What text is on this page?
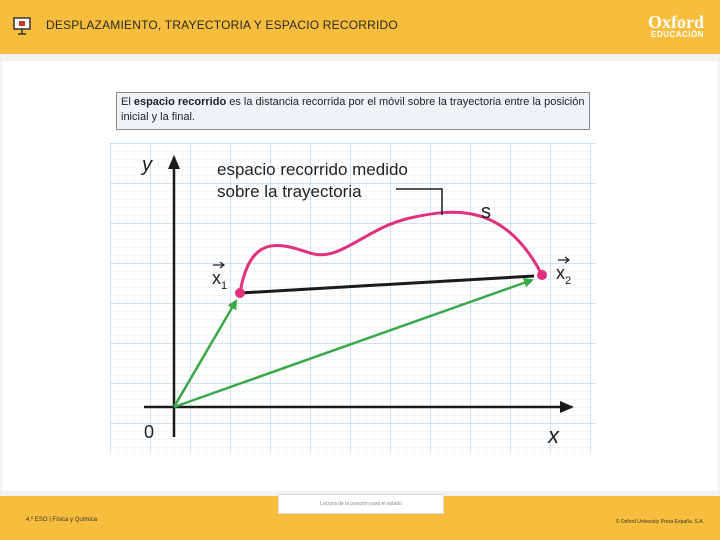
DESPLAZAMIENTO, TRAYECTORIA Y ESPACIO RECORRIDO	Oxford
EDUCACIÓN
El espacio recorrido es la distancia recorrida por el móvil sobre la trayectoria entre la posición inicial y la final.
y
x
0
$x_1$
$x_2$
s
espacio recorrido medido
sobre la trayectoria
Lectura de la posición para el estado
4.º ESO | Física y Química	© Oxford University Press España, S.A.
